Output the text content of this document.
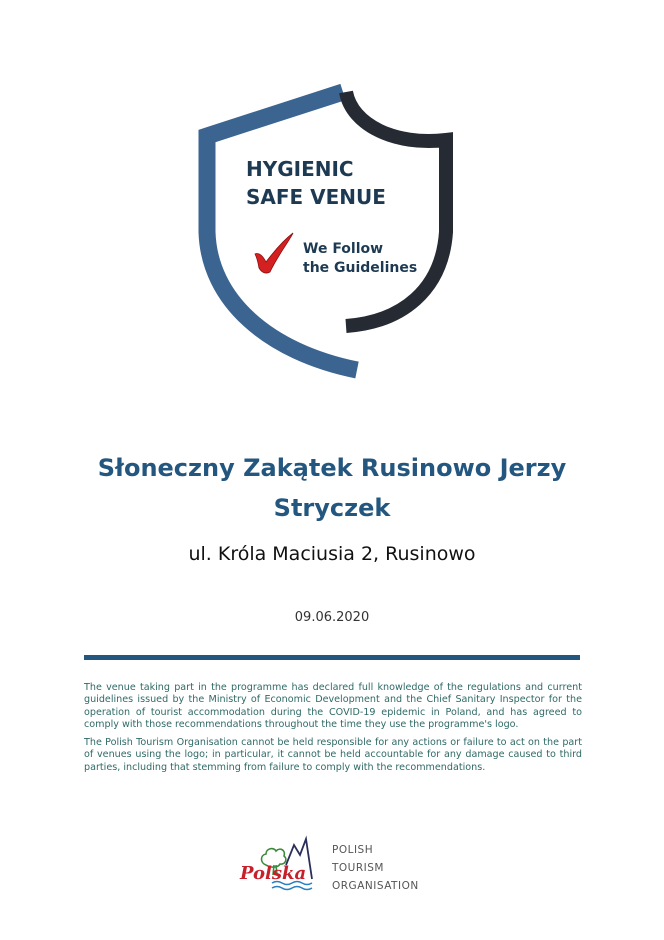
HYGIENIC
SAFE VENUE
We Follow
the Guidelines
Słoneczny Zakątek Rusinowo Jerzy Stryczek
ul. Króla Maciusia 2, Rusinowo
09.06.2020

The venue taking part in the programme has declared full knowledge of the regulations and current guidelines issued by the Ministry of Economic Development and the Chief Sanitary Inspector for the operation of tourist accommodation during the COVID-19 epidemic in Poland, and has agreed to comply with those recommendations throughout the time they use the programme's logo.

The Polish Tourism Organisation cannot be held responsible for any actions or failure to act on the part of venues using the logo; in particular, it cannot be held accountable for any damage caused to third parties, including that stemming from failure to comply with the recommendations.

Polska
POLISH
TOURISM
ORGANISATION
